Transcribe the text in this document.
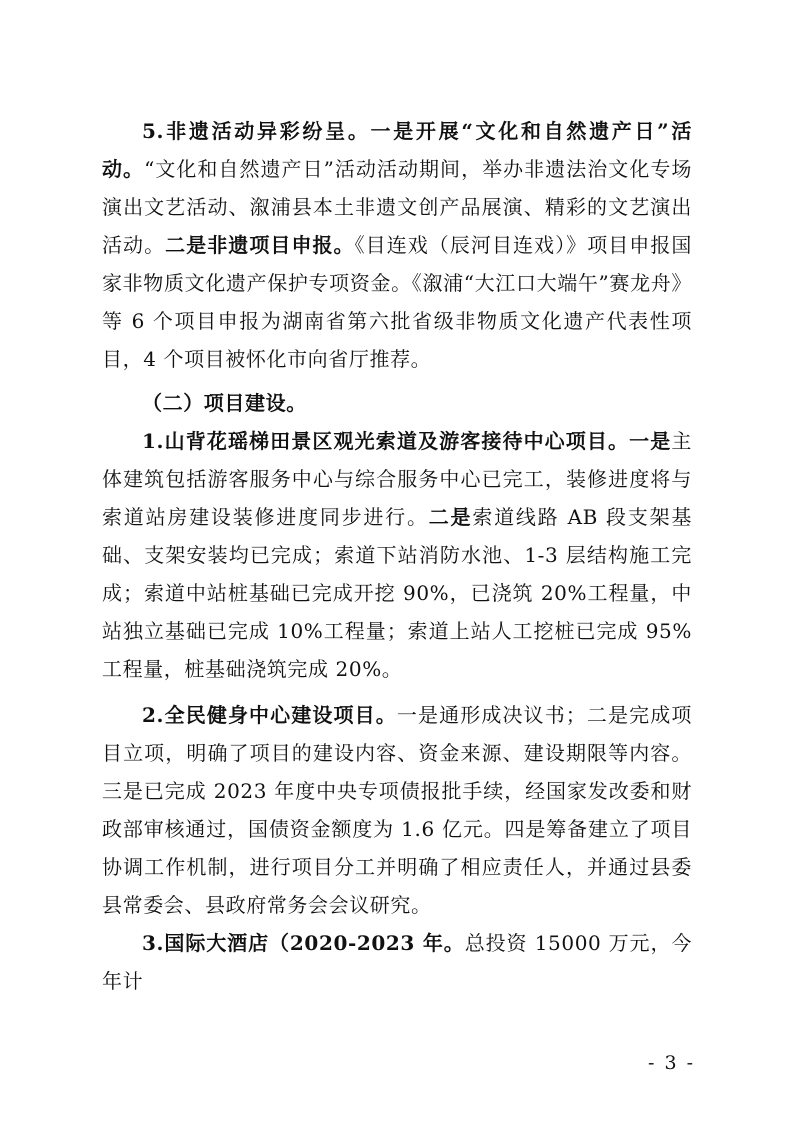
5.非遗活动异彩纷呈。一是开展“文化和自然遗产日”活动。“文化和自然遗产日”活动活动期间，举办非遗法治文化专场演出文艺活动、溆浦县本土非遗文创产品展演、精彩的文艺演出活动。二是非遗项目申报。《目连戏（辰河目连戏）》项目申报国家非物质文化遗产保护专项资金。《溆浦“大江口大端午”赛龙舟》等 6 个项目申报为湖南省第六批省级非物质文化遗产代表性项目，4 个项目被怀化市向省厅推荐。

（二）项目建设。

1.山背花瑶梯田景区观光索道及游客接待中心项目。一是主体建筑包括游客服务中心与综合服务中心已完工，装修进度将与索道站房建设装修进度同步进行。二是索道线路 AB 段支架基础、支架安装均已完成；索道下站消防水池、1-3 层结构施工完成；索道中站桩基础已完成开挖 90%，已浇筑 20%工程量，中站独立基础已完成 10%工程量；索道上站人工挖桩已完成 95%工程量，桩基础浇筑完成 20%。

2.全民健身中心建设项目。一是通形成决议书；二是完成项目立项，明确了项目的建设内容、资金来源、建设期限等内容。三是已完成 2023 年度中央专项债报批手续，经国家发改委和财政部审核通过，国债资金额度为 1.6 亿元。四是筹备建立了项目协调工作机制，进行项目分工并明确了相应责任人，并通过县委县常委会、县政府常务会会议研究。

3.国际大酒店（2020-2023 年。总投资 15000 万元，今年计

- 3 -
